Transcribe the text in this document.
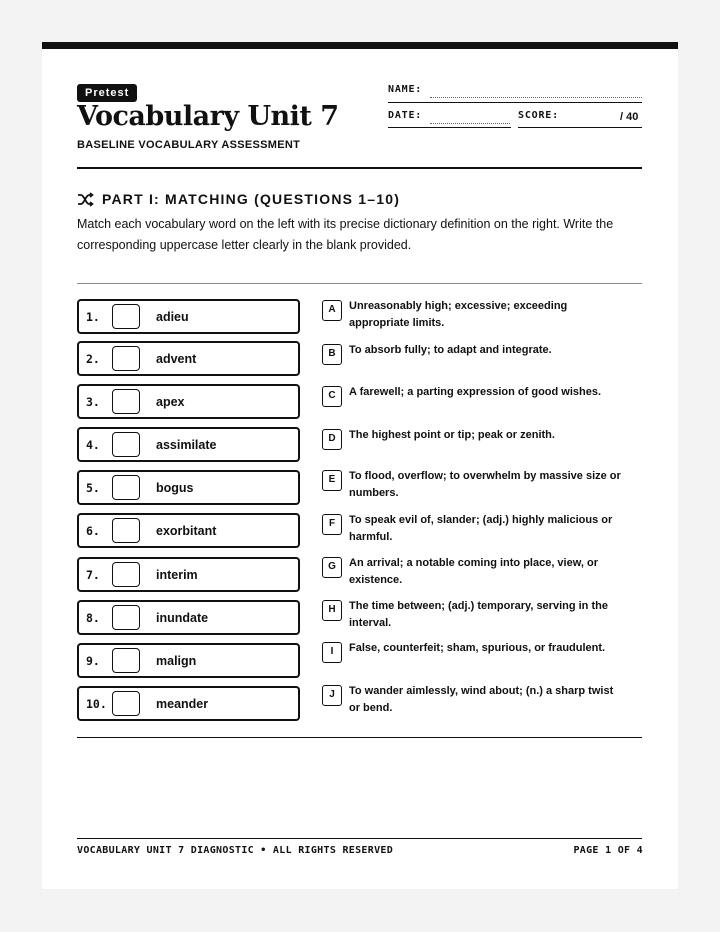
Pretest
Vocabulary Unit 7
BASELINE VOCABULARY ASSESSMENT
NAME:
DATE:	SCORE:	/ 40
PART I: MATCHING (QUESTIONS 1–10)
Match each vocabulary word on the left with its precise dictionary definition on the right. Write the corresponding uppercase letter clearly in the blank provided.
1.	adieu
2.	advent
3.	apex
4.	assimilate
5.	bogus
6.	exorbitant
7.	interim
8.	inundate
9.	malign
10.	meander
A	Unreasonably high; excessive; exceeding appropriate limits.
B	To absorb fully; to adapt and integrate.
C	A farewell; a parting expression of good wishes.
D	The highest point or tip; peak or zenith.
E	To flood, overflow; to overwhelm by massive size or numbers.
F	To speak evil of, slander; (adj.) highly malicious or harmful.
G	An arrival; a notable coming into place, view, or existence.
H	The time between; (adj.) temporary, serving in the interval.
I	False, counterfeit; sham, spurious, or fraudulent.
J	To wander aimlessly, wind about; (n.) a sharp twist or bend.
VOCABULARY UNIT 7 DIAGNOSTIC • ALL RIGHTS RESERVED	PAGE 1 OF 4
